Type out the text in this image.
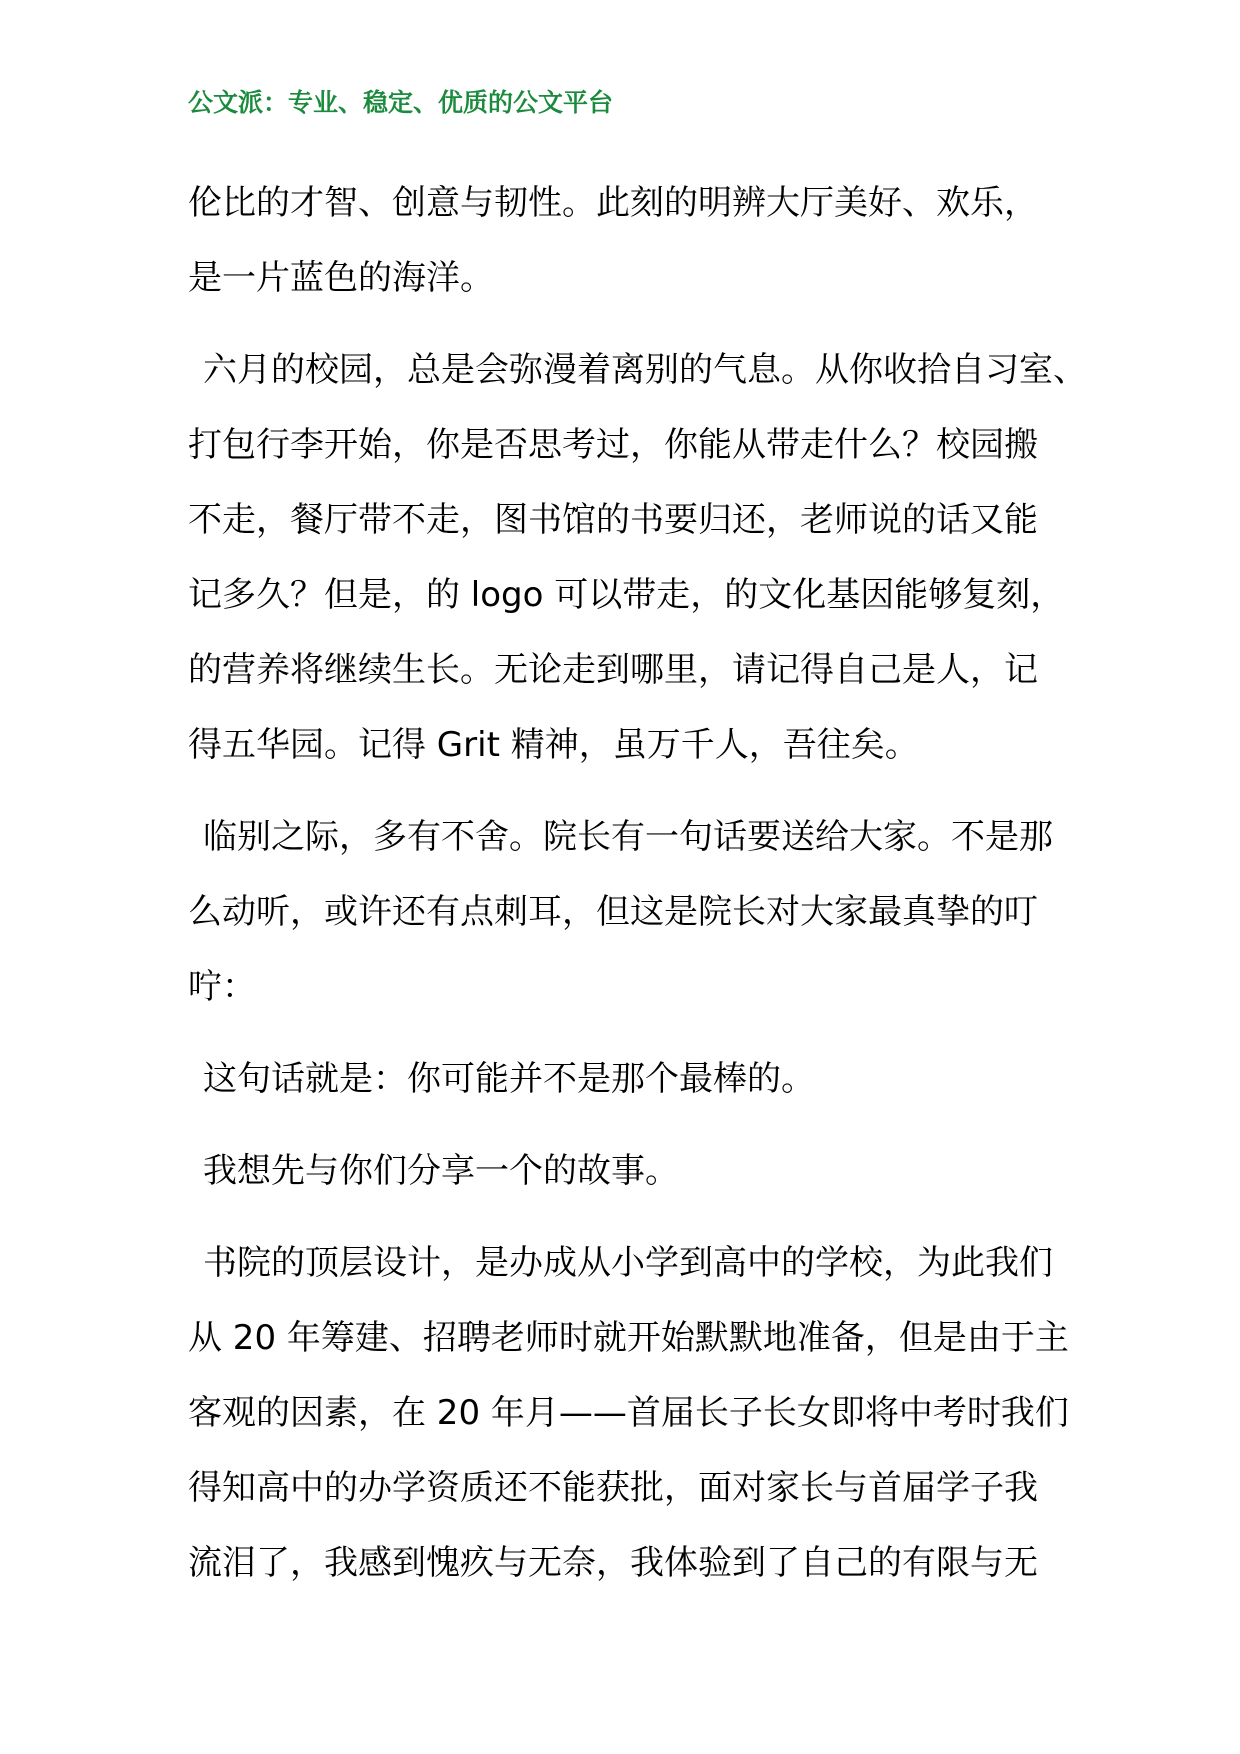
公文派：专业、稳定、优质的公文平台
伦比的才智、创意与韧性。此刻的明辨大厅美好、欢乐，
是一片蓝色的海洋。
六月的校园，总是会弥漫着离别的气息。从你收拾自习室、
打包行李开始，你是否思考过，你能从带走什么？校园搬
不走，餐厅带不走，图书馆的书要归还，老师说的话又能
记多久？但是，的 logo 可以带走，的文化基因能够复刻，
的营养将继续生长。无论走到哪里，请记得自己是人，记
得五华园。记得 Grit 精神，虽万千人，吾往矣。
临别之际，多有不舍。院长有一句话要送给大家。不是那
么动听，或许还有点刺耳，但这是院长对大家最真挚的叮
咛：
这句话就是：你可能并不是那个最棒的。
我想先与你们分享一个的故事。
书院的顶层设计，是办成从小学到高中的学校，为此我们
从 20 年筹建、招聘老师时就开始默默地准备，但是由于主
客观的因素，在 20 年月——首届长子长女即将中考时我们
得知高中的办学资质还不能获批，面对家长与首届学子我
流泪了，我感到愧疚与无奈，我体验到了自己的有限与无
